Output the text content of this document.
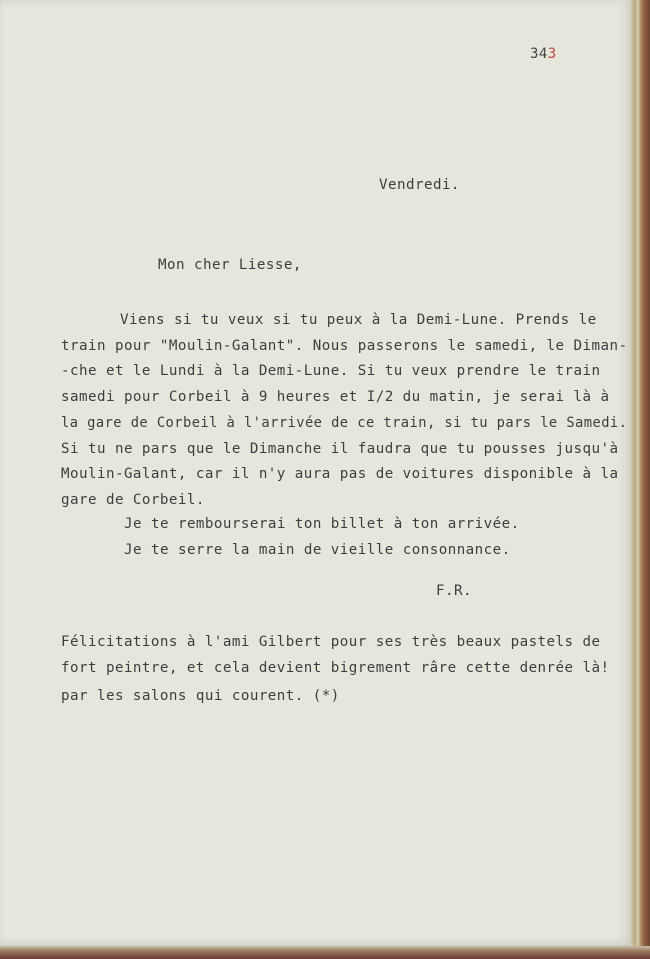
343
Vendredi.
Mon cher Liesse,
Viens si tu veux si tu peux à la Demi-Lune. Prends le
train pour "Moulin-Galant". Nous passerons le samedi, le Diman-
-che et le Lundi à la Demi-Lune. Si tu veux prendre le train
samedi pour Corbeil à 9 heures et I/2 du matin, je serai là à
la gare de Corbeil à l'arrivée de ce train, si tu pars le Samedi.
Si tu ne pars que le Dimanche il faudra que tu pousses jusqu'à
Moulin-Galant, car il n'y aura pas de voitures disponible à la
gare de Corbeil.
Je te rembourserai ton billet à ton arrivée.
Je te serre la main de vieille consonnance.
F.R.
Félicitations à l'ami Gilbert pour ses très beaux pastels de
fort peintre, et cela devient bigrement râre cette denrée là!
par les salons qui courent. (*)
